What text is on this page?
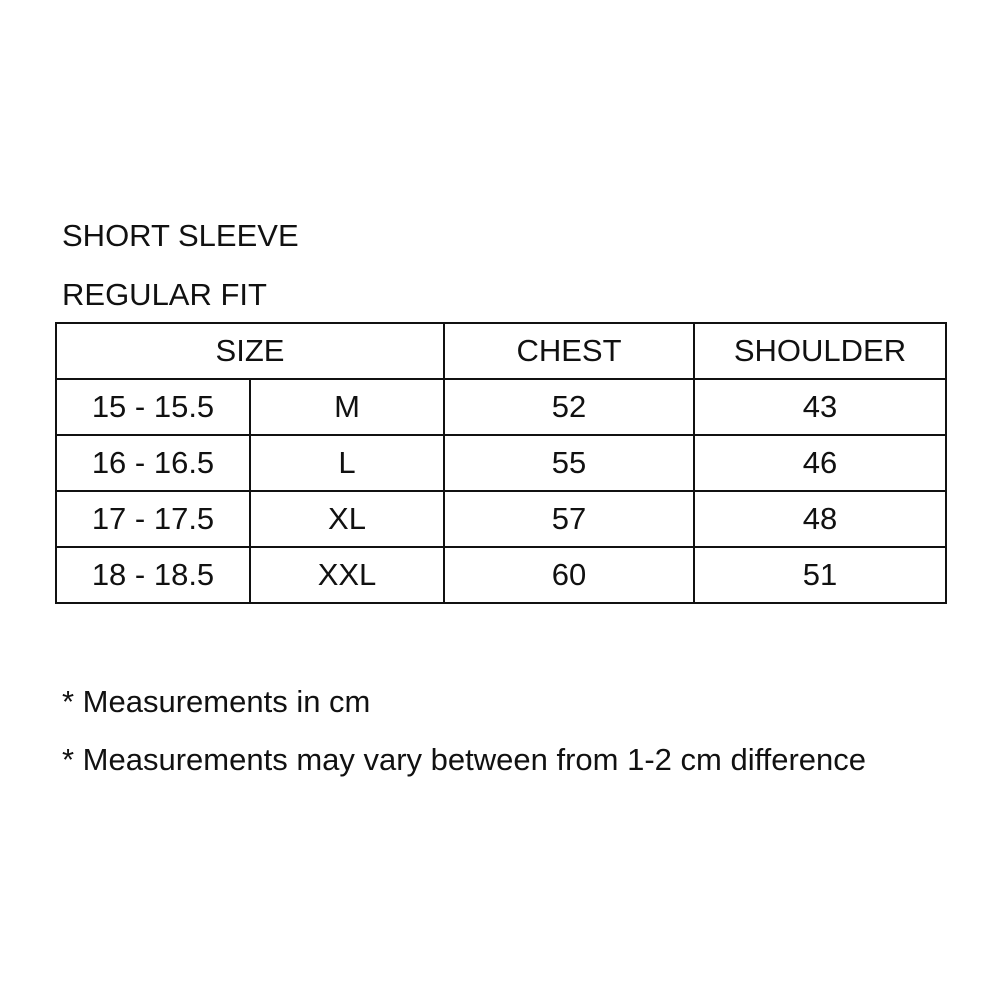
SHORT SLEEVE
REGULAR FIT
SIZE		CHEST	SHOULDER
15 - 15.5	M	52	43
16 - 16.5	L	55	46
17 - 17.5	XL	57	48
18 - 18.5	XXL	60	51
* Measurements in cm
* Measurements may vary between from 1-2 cm difference
